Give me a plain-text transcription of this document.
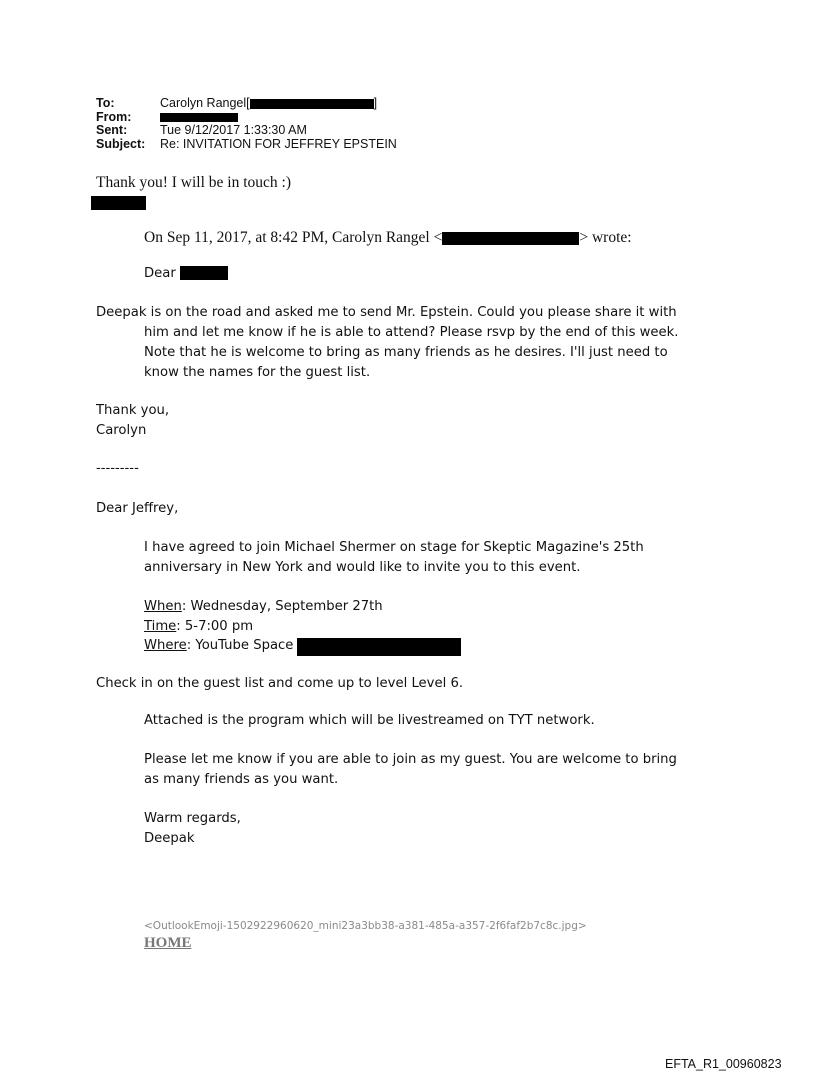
To:	Carolyn Rangel[	]
From:
Sent:	Tue 9/12/2017 1:33:30 AM
Subject:	Re: INVITATION FOR JEFFREY EPSTEIN
Thank you! I will be in touch :)
On Sep 11, 2017, at 8:42 PM, Carolyn Rangel <	> wrote:
Dear
Deepak is on the road and asked me to send Mr. Epstein. Could you please share it with
him and let me know if he is able to attend? Please rsvp by the end of this week.
Note that he is welcome to bring as many friends as he desires. I'll just need to
know the names for the guest list.
Thank you,
Carolyn
---------
Dear Jeffrey,
I have agreed to join Michael Shermer on stage for Skeptic Magazine's 25th
anniversary in New York and would like to invite you to this event.
When: Wednesday, September 27th
Time: 5-7:00 pm
Where: YouTube Space
Check in on the guest list and come up to level Level 6.
Attached is the program which will be livestreamed on TYT network.
Please let me know if you are able to join as my guest. You are welcome to bring
as many friends as you want.
Warm regards,
Deepak
<OutlookEmoji-1502922960620_mini23a3bb38-a381-485a-a357-2f6faf2b7c8c.jpg>
HOME
EFTA_R1_00960823
